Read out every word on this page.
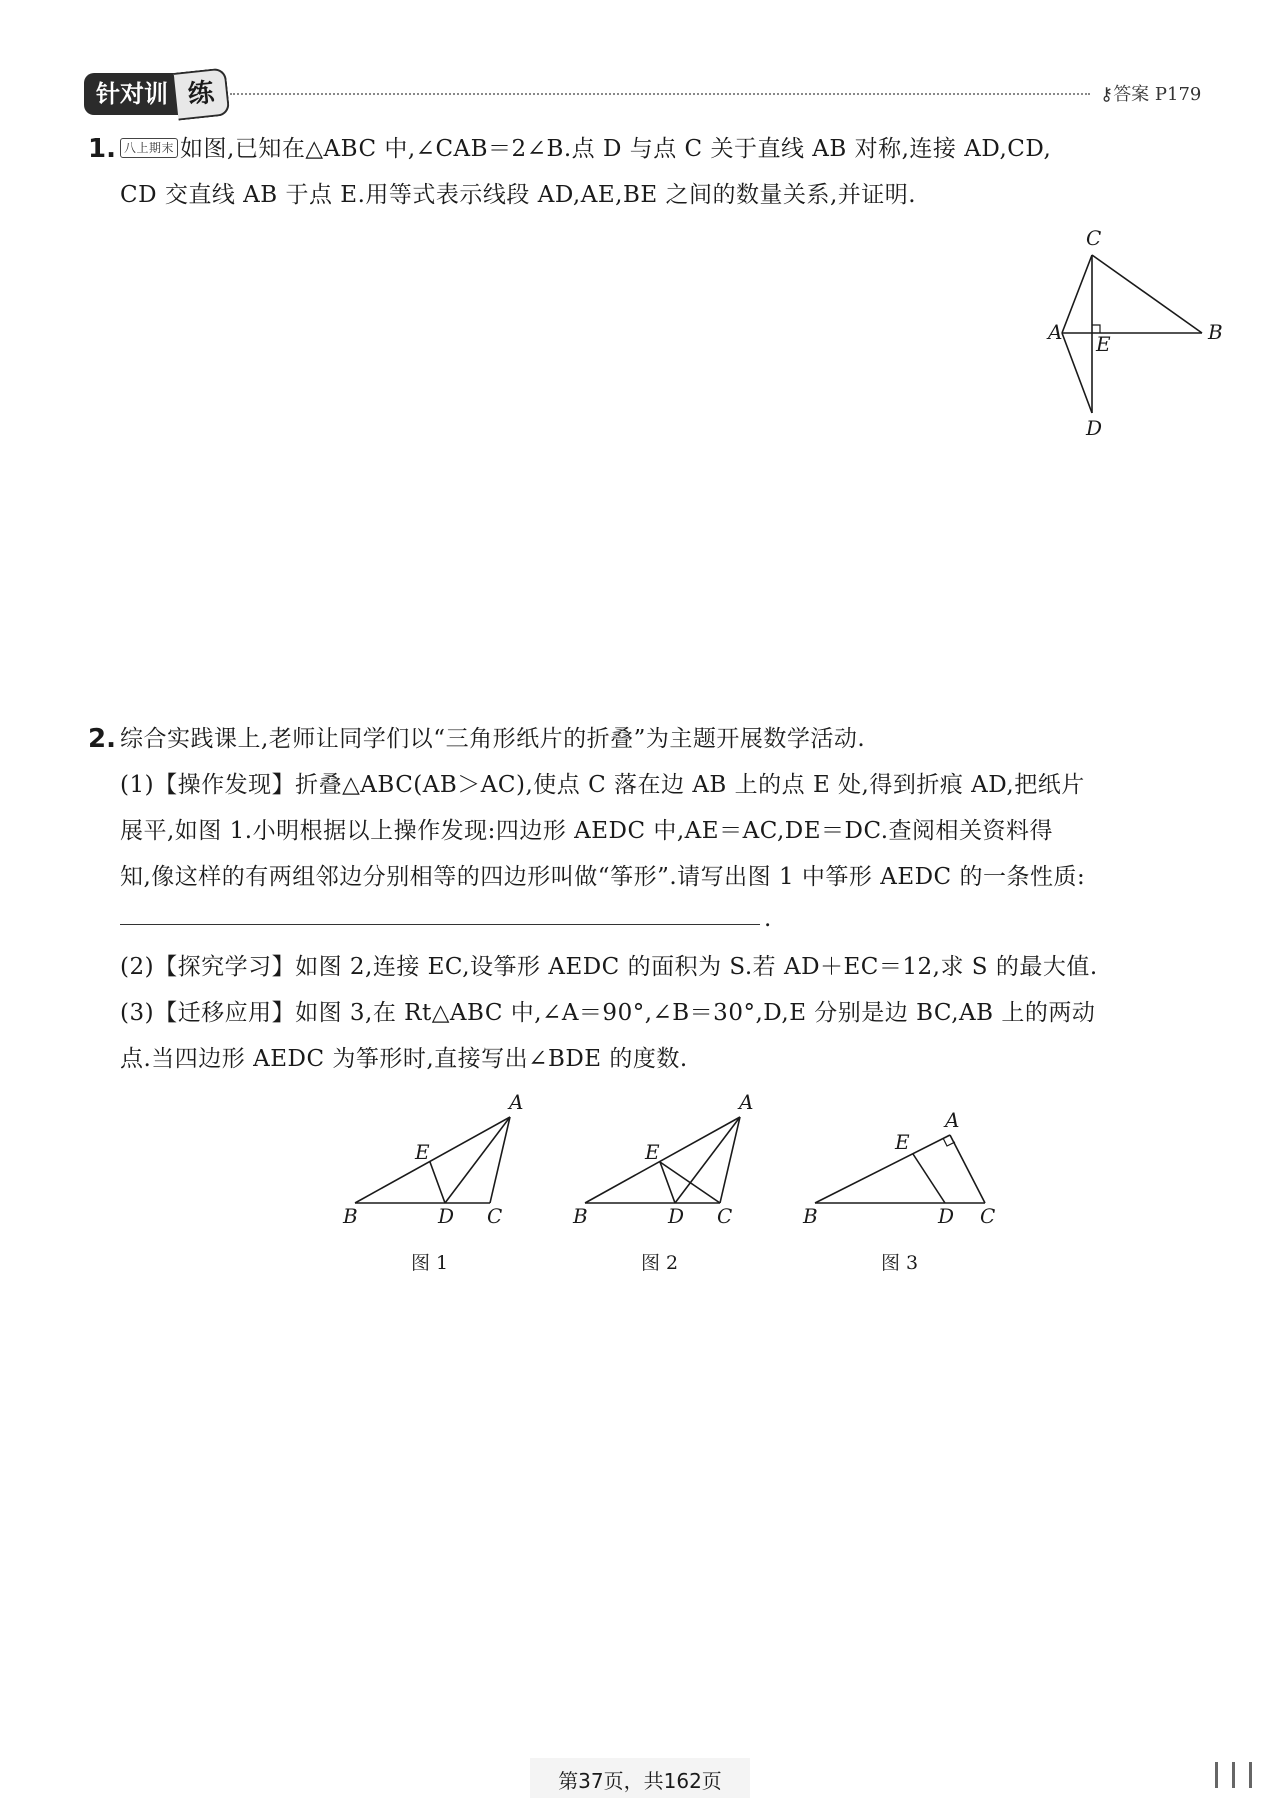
针对训 练	⚷答案 P179
1. 八上期末 如图,已知在△ABC 中,∠CAB＝2∠B.点 D 与点 C 关于直线 AB 对称,连接 AD,CD,
CD 交直线 AB 于点 E.用等式表示线段 AD,AE,BE 之间的数量关系,并证明.
C
A E	B
D
2. 综合实践课上,老师让同学们以“三角形纸片的折叠”为主题开展数学活动.
(1)【操作发现】折叠△ABC(AB＞AC),使点 C 落在边 AB 上的点 E 处,得到折痕 AD,把纸片
展平,如图 1.小明根据以上操作发现:四边形 AEDC 中,AE＝AC,DE＝DC.查阅相关资料得
知,像这样的有两组邻边分别相等的四边形叫做“筝形”.请写出图 1 中筝形 AEDC 的一条性质:
.
(2)【探究学习】如图 2,连接 EC,设筝形 AEDC 的面积为 S.若 AD＋EC＝12,求 S 的最大值.
(3)【迁移应用】如图 3,在 Rt△ABC 中,∠A＝90°,∠B＝30°,D,E 分别是边 BC,AB 上的两动
点.当四边形 AEDC 为筝形时,直接写出∠BDE 的度数.
A
E
B	D C
图 1
A
E
B	D C
图 2
E
A
B	D C
图 3
第37页，共162页
